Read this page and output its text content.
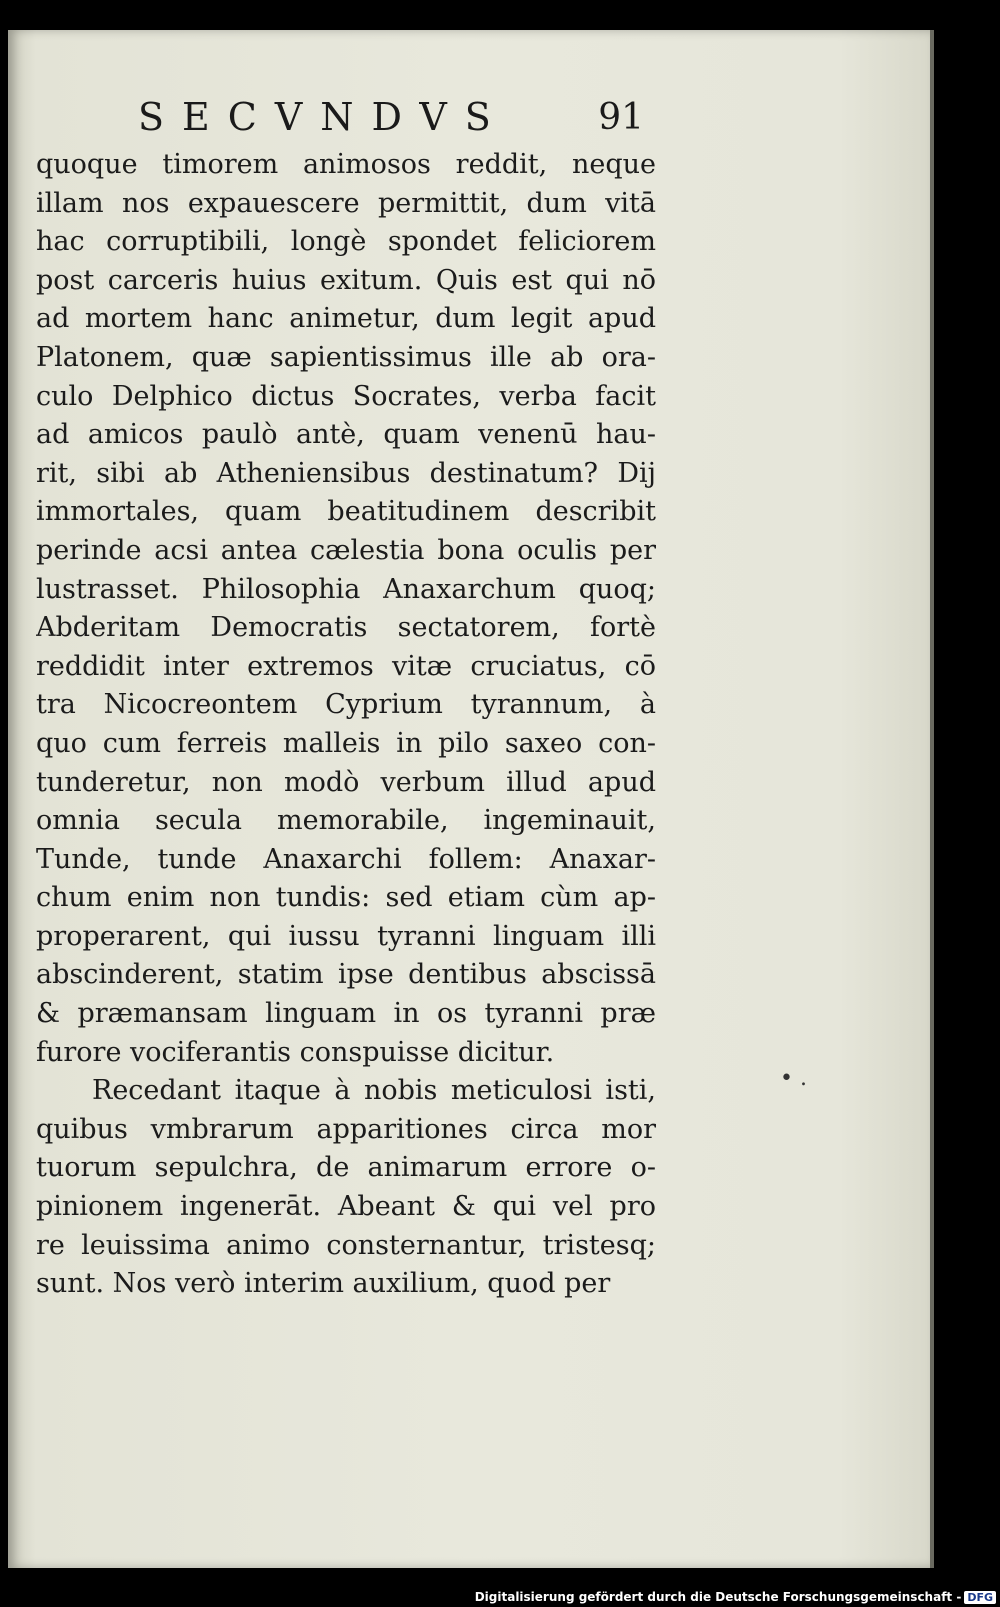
SECVNDVS 91
quoque timorem animosos reddit, neque
illam nos expauescere permittit, dum vitā
hac corruptibili, longè spondet feliciorem
post carceris huius exitum. Quis est qui nō
ad mortem hanc animetur, dum legit apud
Platonem, quæ sapientissimus ille ab ora-
culo Delphico dictus Socrates, verba facit
ad amicos paulò antè, quam venenū hau-
rit, sibi ab Atheniensibus destinatum? Dij
immortales, quam beatitudinem describit
perinde acsi antea cælestia bona oculis per
lustrasset. Philosophia Anaxarchum quoq;
Abderitam Democratis sectatorem, fortè
reddidit inter extremos vitæ cruciatus, cō
tra Nicocreontem Cyprium tyrannum, à
quo cum ferreis malleis in pilo saxeo con-
tunderetur, non modò verbum illud apud
omnia secula memorabile, ingeminauit,
Tunde, tunde Anaxarchi follem: Anaxar-
chum enim non tundis: sed etiam cùm ap-
properarent, qui iussu tyranni linguam illi
abscinderent, statim ipse dentibus abscissā
& præmansam linguam in os tyranni præ
furore vociferantis conspuisse dicitur.
Recedant itaque à nobis meticulosi isti,
quibus vmbrarum apparitiones circa mor
tuorum sepulchra, de animarum errore o-
pinionem ingenerāt. Abeant & qui vel pro
re leuissima animo consternantur, tristesq;
sunt. Nos verò interim auxilium, quod per
• .
Digitalisierung gefördert durch die Deutsche Forschungsgemeinschaft - DFG
